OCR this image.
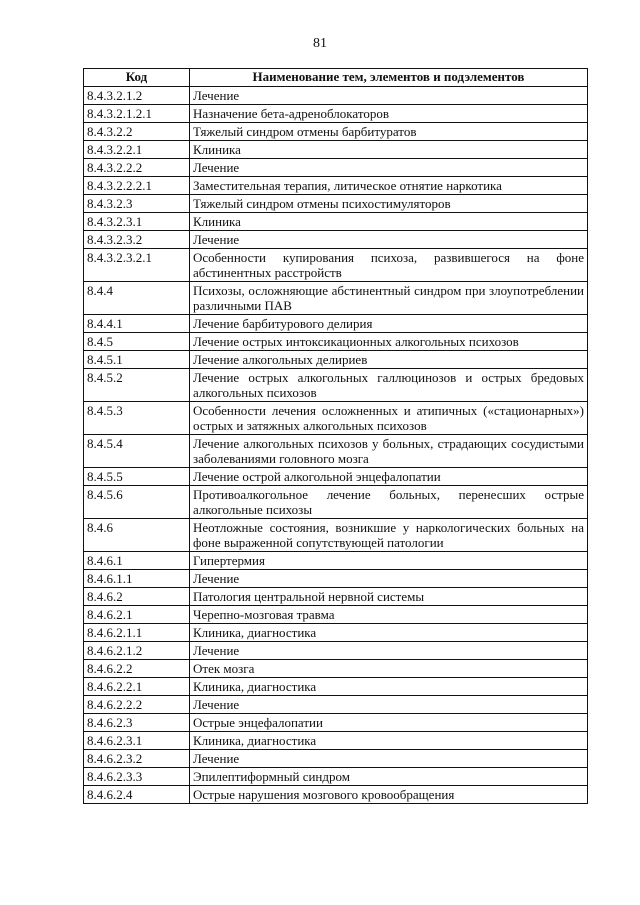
81
Код	Наименование тем, элементов и подэлементов
8.4.3.2.1.2	Лечение
8.4.3.2.1.2.1	Назначение бета-адреноблокаторов
8.4.3.2.2	Тяжелый синдром отмены барбитуратов
8.4.3.2.2.1	Клиника
8.4.3.2.2.2	Лечение
8.4.3.2.2.2.1	Заместительная терапия, литическое отнятие наркотика
8.4.3.2.3	Тяжелый синдром отмены психостимуляторов
8.4.3.2.3.1	Клиника
8.4.3.2.3.2	Лечение
8.4.3.2.3.2.1	Особенности купирования психоза, развившегося на фоне абстинентных расстройств
8.4.4	Психозы, осложняющие абстинентный синдром при злоупотреблении различными ПАВ
8.4.4.1	Лечение барбитурового делирия
8.4.5	Лечение острых интоксикационных алкогольных психозов
8.4.5.1	Лечение алкогольных делириев
8.4.5.2	Лечение острых алкогольных галлюцинозов и острых бредовых алкогольных психозов
8.4.5.3	Особенности лечения осложненных и атипичных («стационарных») острых и затяжных алкогольных психозов
8.4.5.4	Лечение алкогольных психозов у больных, страдающих сосудистыми заболеваниями головного мозга
8.4.5.5	Лечение острой алкогольной энцефалопатии
8.4.5.6	Противоалкогольное лечение больных, перенесших острые алкогольные психозы
8.4.6	Неотложные состояния, возникшие у наркологических больных на фоне выраженной сопутствующей патологии
8.4.6.1	Гипертермия
8.4.6.1.1	Лечение
8.4.6.2	Патология центральной нервной системы
8.4.6.2.1	Черепно-мозговая травма
8.4.6.2.1.1	Клиника, диагностика
8.4.6.2.1.2	Лечение
8.4.6.2.2	Отек мозга
8.4.6.2.2.1	Клиника, диагностика
8.4.6.2.2.2	Лечение
8.4.6.2.3	Острые энцефалопатии
8.4.6.2.3.1	Клиника, диагностика
8.4.6.2.3.2	Лечение
8.4.6.2.3.3	Эпилептиформный синдром
8.4.6.2.4	Острые нарушения мозгового кровообращения
